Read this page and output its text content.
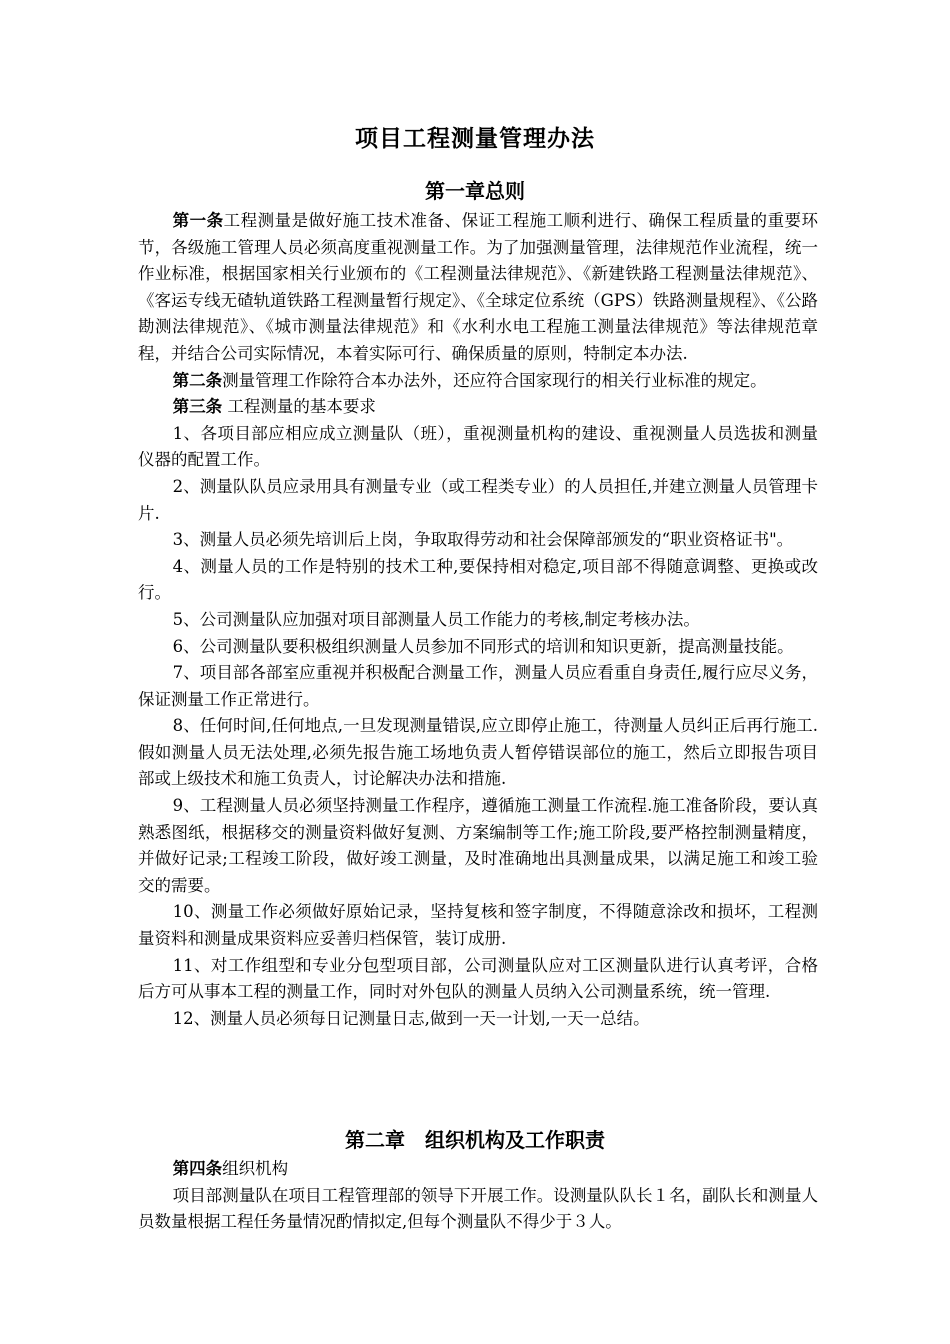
项目工程测量管理办法
第一章总则

第一条工程测量是做好施工技术准备、保证工程施工顺利进行、确保工程质量的重要环节，各级施工管理人员必须高度重视测量工作。为了加强测量管理，法律规范作业流程，统一作业标准，根据国家相关行业颁布的《工程测量法律规范》、《新建铁路工程测量法律规范》、《客运专线无碴轨道铁路工程测量暂行规定》、《全球定位系统（GPS）铁路测量规程》、《公路勘测法律规范》、《城市测量法律规范》和《水利水电工程施工测量法律规范》等法律规范章程，并结合公司实际情况，本着实际可行、确保质量的原则，特制定本办法.

第二条测量管理工作除符合本办法外，还应符合国家现行的相关行业标准的规定。

第三条 工程测量的基本要求

1、各项目部应相应成立测量队（班），重视测量机构的建设、重视测量人员选拔和测量仪器的配置工作。

2、测量队队员应录用具有测量专业（或工程类专业）的人员担任,并建立测量人员管理卡片.

3、测量人员必须先培训后上岗，争取取得劳动和社会保障部颁发的“职业资格证书"。

4、测量人员的工作是特别的技术工种,要保持相对稳定,项目部不得随意调整、更换或改行。

5、公司测量队应加强对项目部测量人员工作能力的考核,制定考核办法。

6、公司测量队要积极组织测量人员参加不同形式的培训和知识更新，提高测量技能。

7、项目部各部室应重视并积极配合测量工作，测量人员应看重自身责任,履行应尽义务，保证测量工作正常进行。

8、任何时间,任何地点,一旦发现测量错误,应立即停止施工，待测量人员纠正后再行施工.假如测量人员无法处理,必须先报告施工场地负责人暂停错误部位的施工，然后立即报告项目部或上级技术和施工负责人，讨论解决办法和措施.

9、工程测量人员必须坚持测量工作程序，遵循施工测量工作流程.施工准备阶段，要认真熟悉图纸，根据移交的测量资料做好复测、方案编制等工作;施工阶段,要严格控制测量精度，并做好记录;工程竣工阶段，做好竣工测量，及时准确地出具测量成果，以满足施工和竣工验交的需要。

10、测量工作必须做好原始记录，坚持复核和签字制度，不得随意涂改和损坏，工程测量资料和测量成果资料应妥善归档保管，装订成册.

11、对工作组型和专业分包型项目部，公司测量队应对工区测量队进行认真考评，合格后方可从事本工程的测量工作，同时对外包队的测量人员纳入公司测量系统，统一管理.

12、测量人员必须每日记测量日志,做到一天一计划,一天一总结。

第二章　组织机构及工作职责

第四条组织机构

项目部测量队在项目工程管理部的领导下开展工作。设测量队队长１名，副队长和测量人员数量根据工程任务量情况酌情拟定,但每个测量队不得少于３人。
